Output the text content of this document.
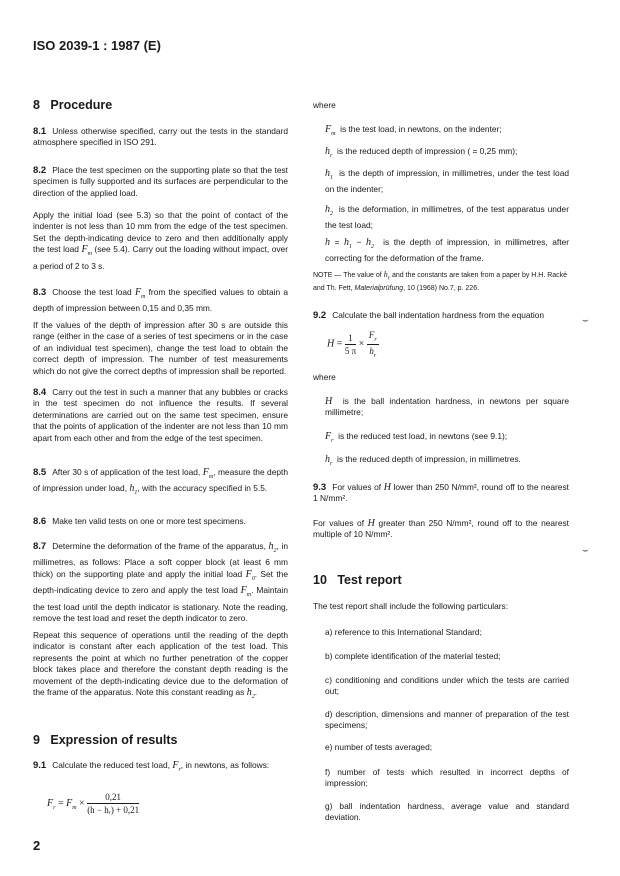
ISO 2039-1 : 1987 (E)
8 Procedure
8.1 Unless otherwise specified, carry out the tests in the standard atmosphere specified in ISO 291.
8.2 Place the test specimen on the supporting plate so that the test specimen is fully supported and its surfaces are perpendicular to the direction of the applied load.
Apply the initial load (see 5.3) so that the point of contact of the indenter is not less than 10 mm from the edge of the test specimen. Set the depth-indicating device to zero and then additionally apply the test load $F_m$ (see 5.4). Carry out the loading without impact, over a period of 2 to 3 s.
8.3 Choose the test load $F_m$ from the specified values to obtain a depth of impression between 0,15 and 0,35 mm.
If the values of the depth of impression after 30 s are outside this range (either in the case of a series of test specimens or in the case of an individual test specimen), change the test load to obtain the correct depth of impression. The number of test measurements which do not give the correct depths of impression shall be reported.
8.4 Carry out the test in such a manner that any bubbles or cracks in the test specimen do not influence the results. If several determinations are carried out on the same test specimen, ensure that the points of application of the indenter are not less than 10 mm apart from each other and from the edge of the test specimen.
8.5 After 30 s of application of the test load, $F_m$, measure the depth of impression under load, $h_1$, with the accuracy specified in 5.5.
8.6 Make ten valid tests on one or more test specimens.
8.7 Determine the deformation of the frame of the apparatus, $h_2$, in millimetres, as follows: Place a soft copper block (at least 6 mm thick) on the supporting plate and apply the initial load $F_0$. Set the depth-indicating device to zero and apply the test load $F_m$. Maintain the test load until the depth indicator is stationary. Note the reading, remove the test load and reset the depth indicator to zero.
Repeat this sequence of operations until the reading of the depth indicator is constant after each application of the test load. This represents the point at which no further penetration of the copper block takes place and therefore the constant depth reading is the movement of the depth-indicating device due to the deformation of the frame of the apparatus. Note this constant reading as $h_2$.
9 Expression of results
9.1 Calculate the reduced test load, $F_r$, in newtons, as follows:
$F_r = F_m \times \frac{0,21}{\text{(h − hᵣ) + 0,21}}$
2
where
$F_m$ is the test load, in newtons, on the indenter;
$h_r$ is the reduced depth of impression ( = 0,25 mm);
$h_1$ is the depth of impression, in millimetres, under the test load on the indenter;
$h_2$ is the deformation, in millimetres, of the test apparatus under the test load;
$h = h_1 - h_2$ is the depth of impression, in millimetres, after correcting for the deformation of the frame.
NOTE — The value of $h_r$ and the constants are taken from a paper by H.H. Racké and Th. Fett, Materialprüfung, 10 (1968) No.7, p. 226.
9.2 Calculate the ball indentation hardness from the equation
$H = \frac{1}{5 \pi} \times \frac{F_r}{h_r}$
where
H is the ball indentation hardness, in newtons per square millimetre;
$F_r$ is the reduced test load, in newtons (see 9.1);
$h_r$ is the reduced depth of impression, in millimetres.
9.3 For values of H lower than 250 N/mm², round off to the nearest 1 N/mm².
For values of H greater than 250 N/mm², round off to the nearest multiple of 10 N/mm².
10 Test report
The test report shall include the following particulars:
a) reference to this International Standard;
b) complete identification of the material tested;
c) conditioning and conditions under which the tests are carried out;
d) description, dimensions and manner of preparation of the test specimens;
e) number of tests averaged;
f) number of tests which resulted in incorrect depths of impression;
g) ball indentation hardness, average value and standard deviation.
⌣
⌣
